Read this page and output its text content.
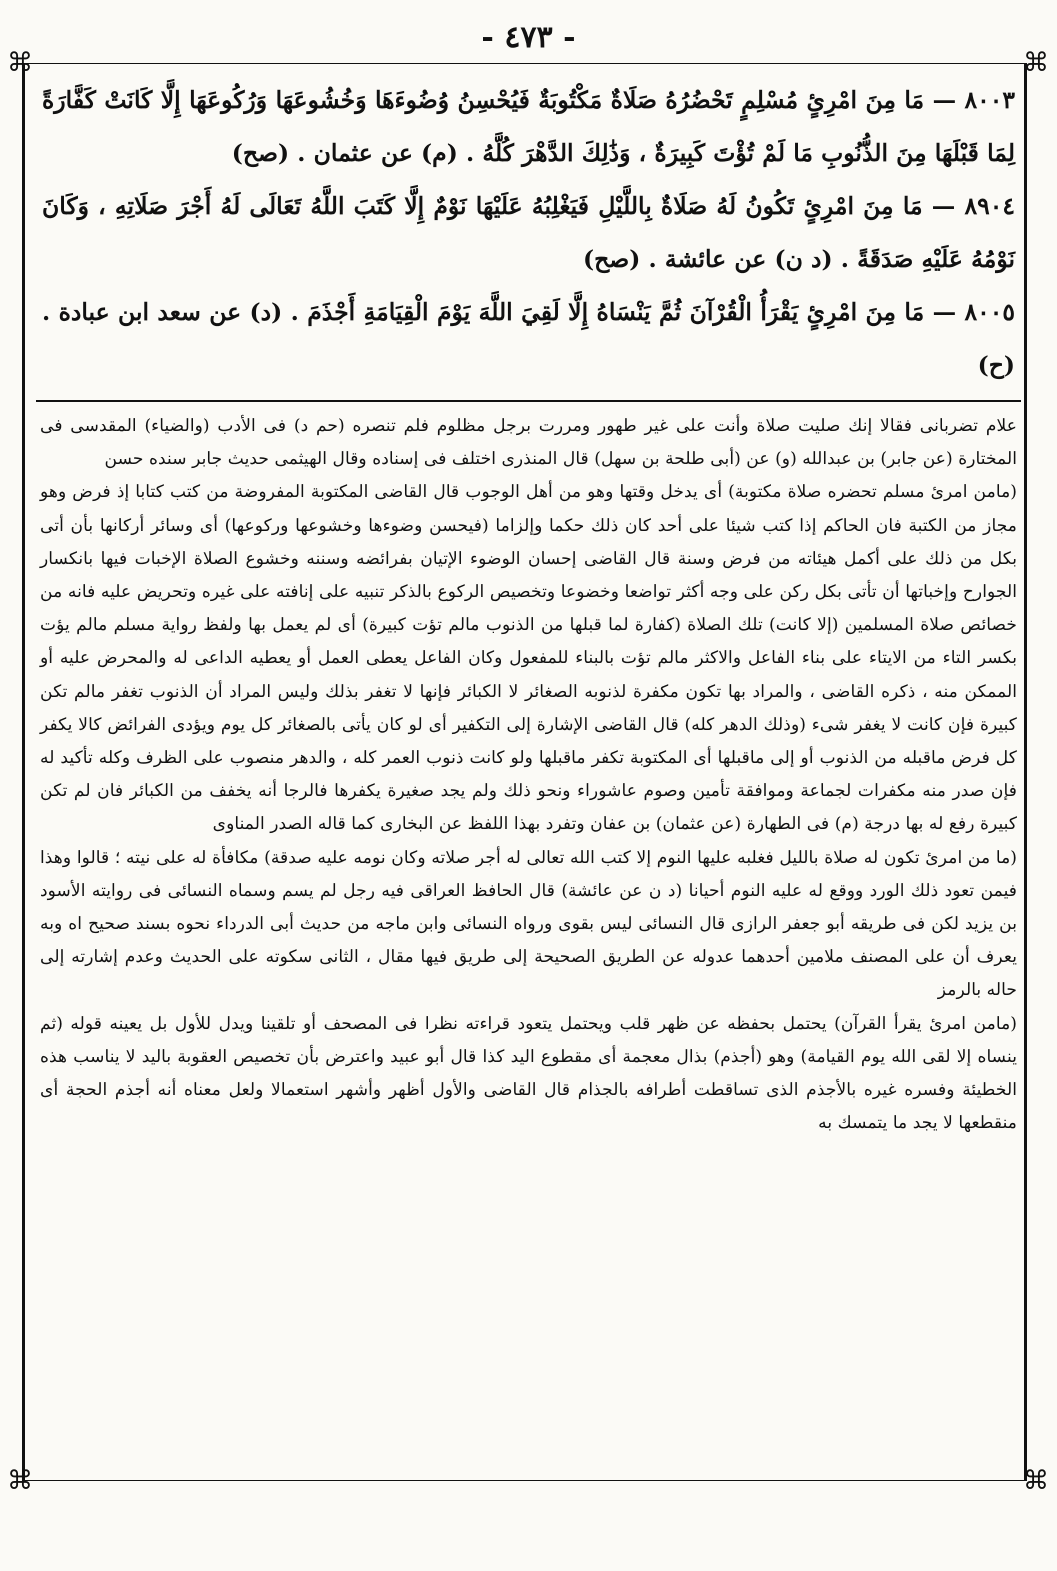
- ٤٧٣ -
⌘	⌘
⌘	⌘

٨٠٠٣ — مَا مِنَ امْرِئٍ مُسْلِمٍ تَحْضُرُهُ صَلَاةٌ مَكْتُوبَةٌ فَيُحْسِنُ وُضُوءَهَا وَخُشُوعَهَا وَرُكُوعَهَا إِلَّا كَانَتْ كَفَّارَةً لِمَا قَبْلَهَا مِنَ الذُّنُوبِ مَا لَمْ تُؤْتَ كَبِيرَةٌ ، وَذَٰلِكَ الدَّهْرَ كُلَّهُ . (م) عن عثمان . (صح)

٨٩٠٤ — مَا مِنَ امْرِئٍ تَكُونُ لَهُ صَلَاةٌ بِاللَّيْلِ فَيَغْلِبُهُ عَلَيْهَا نَوْمٌ إِلَّا كَتَبَ اللَّهُ تَعَالَى لَهُ أَجْرَ صَلَاتِهِ ، وَكَانَ نَوْمُهُ عَلَيْهِ صَدَقَةً . (د ن) عن عائشة . (صح)

٨٠٠٥ — مَا مِنَ امْرِئٍ يَقْرَأُ الْقُرْآنَ ثُمَّ يَنْسَاهُ إِلَّا لَقِيَ اللَّهَ يَوْمَ الْقِيَامَةِ أَجْذَمَ . (د) عن سعد ابن عبادة . (ح)

علام تضربانى فقالا إنك صليت صلاة وأنت على غير طهور ومررت برجل مظلوم فلم تنصره (حم د) فى الأدب (والضياء) المقدسى فى المختارة (عن جابر) بن عبدالله (و) عن (أبى طلحة بن سهل) قال المنذرى اختلف فى إسناده وقال الهيثمى حديث جابر سنده حسن

(مامن امرئ مسلم تحضره صلاة مكتوبة) أى يدخل وقتها وهو من أهل الوجوب قال القاضى المكتوبة المفروضة من كتب كتابا إذ فرض وهو مجاز من الكتبة فان الحاكم إذا كتب شيئا على أحد كان ذلك حكما وإلزاما (فيحسن وضوءها وخشوعها وركوعها) أى وسائر أركانها بأن أتى بكل من ذلك على أكمل هيئاته من فرض وسنة قال القاضى إحسان الوضوء الإتيان بفرائضه وسننه وخشوع الصلاة الإخبات فيها بانكسار الجوارح وإخباتها أن تأتى بكل ركن على وجه أكثر تواضعا وخضوعا وتخصيص الركوع بالذكر تنبيه على إنافته على غيره وتحريض عليه فانه من خصائص صلاة المسلمين (إلا كانت) تلك الصلاة (كفارة لما قبلها من الذنوب مالم تؤت كبيرة) أى لم يعمل بها ولفظ رواية مسلم مالم يؤت بكسر التاء من الايتاء على بناء الفاعل والاكثر مالم تؤت بالبناء للمفعول وكان الفاعل يعطى العمل أو يعطيه الداعى له والمحرض عليه أو الممكن منه ، ذكره القاضى ، والمراد بها تكون مكفرة لذنوبه الصغائر لا الكبائر فإنها لا تغفر بذلك وليس المراد أن الذنوب تغفر مالم تكن كبيرة فإن كانت لا يغفر شىء (وذلك الدهر كله) قال القاضى الإشارة إلى التكفير أى لو كان يأتى بالصغائر كل يوم ويؤدى الفرائض كالا يكفر كل فرض ماقبله من الذنوب أو إلى ماقبلها أى المكتوبة تكفر ماقبلها ولو كانت ذنوب العمر كله ، والدهر منصوب على الظرف وكله تأكيد له فإن صدر منه مكفرات لجماعة وموافقة تأمين وصوم عاشوراء ونحو ذلك ولم يجد صغيرة يكفرها فالرجا أنه يخفف من الكبائر فان لم تكن كبيرة رفع له بها درجة (م) فى الطهارة (عن عثمان) بن عفان وتفرد بهذا اللفظ عن البخارى كما قاله الصدر المناوى

(ما من امرئ تكون له صلاة بالليل فغلبه عليها النوم إلا كتب الله تعالى له أجر صلاته وكان نومه عليه صدقة) مكافأة له على نيته ؛ قالوا وهذا فيمن تعود ذلك الورد ووقع له عليه النوم أحيانا (د ن عن عائشة) قال الحافظ العراقى فيه رجل لم يسم وسماه النسائى فى روايته الأسود بن يزيد لكن فى طريقه أبو جعفر الرازى قال النسائى ليس بقوى ورواه النسائى وابن ماجه من حديث أبى الدرداء نحوه بسند صحيح اه وبه يعرف أن على المصنف ملامين أحدهما عدوله عن الطريق الصحيحة إلى طريق فيها مقال ، الثانى سكوته على الحديث وعدم إشارته إلى حاله بالرمز

(مامن امرئ يقرأ القرآن) يحتمل بحفظه عن ظهر قلب ويحتمل يتعود قراءته نظرا فى المصحف أو تلقينا ويدل للأول بل يعينه قوله (ثم ينساه إلا لقى الله يوم القيامة) وهو (أجذم) بذال معجمة أى مقطوع اليد كذا قال أبو عبيد واعترض بأن تخصيص العقوبة باليد لا يناسب هذه الخطيئة وفسره غيره بالأجذم الذى تساقطت أطرافه بالجذام قال القاضى والأول أظهر وأشهر استعمالا ولعل معناه أنه أجذم الحجة أى منقطعها لا يجد ما يتمسك به
